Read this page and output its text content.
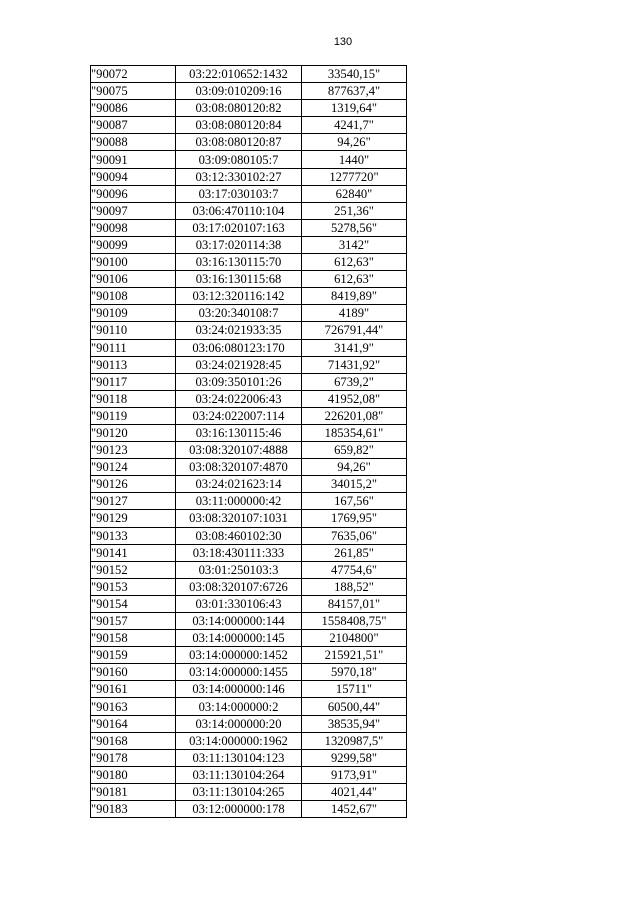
130
"90072	03:22:010652:1432	33540,15"
"90075	03:09:010209:16	877637,4"
"90086	03:08:080120:82	1319,64"
"90087	03:08:080120:84	4241,7"
"90088	03:08:080120:87	94,26"
"90091	03:09:080105:7	1440"
"90094	03:12:330102:27	1277720"
"90096	03:17:030103:7	62840"
"90097	03:06:470110:104	251,36"
"90098	03:17:020107:163	5278,56"
"90099	03:17:020114:38	3142"
"90100	03:16:130115:70	612,63"
"90106	03:16:130115:68	612,63"
"90108	03:12:320116:142	8419,89"
"90109	03:20:340108:7	4189"
"90110	03:24:021933:35	726791,44"
"90111	03:06:080123:170	3141,9"
"90113	03:24:021928:45	71431,92"
"90117	03:09:350101:26	6739,2"
"90118	03:24:022006:43	41952,08"
"90119	03:24:022007:114	226201,08"
"90120	03:16:130115:46	185354,61"
"90123	03:08:320107:4888	659,82"
"90124	03:08:320107:4870	94,26"
"90126	03:24:021623:14	34015,2"
"90127	03:11:000000:42	167,56"
"90129	03:08:320107:1031	1769,95"
"90133	03:08:460102:30	7635,06"
"90141	03:18:430111:333	261,85"
"90152	03:01:250103:3	47754,6"
"90153	03:08:320107:6726	188,52"
"90154	03:01:330106:43	84157,01"
"90157	03:14:000000:144	1558408,75"
"90158	03:14:000000:145	2104800"
"90159	03:14:000000:1452	215921,51"
"90160	03:14:000000:1455	5970,18"
"90161	03:14:000000:146	15711"
"90163	03:14:000000:2	60500,44"
"90164	03:14:000000:20	38535,94"
"90168	03:14:000000:1962	1320987,5"
"90178	03:11:130104:123	9299,58"
"90180	03:11:130104:264	9173,91"
"90181	03:11:130104:265	4021,44"
"90183	03:12:000000:178	1452,67"
